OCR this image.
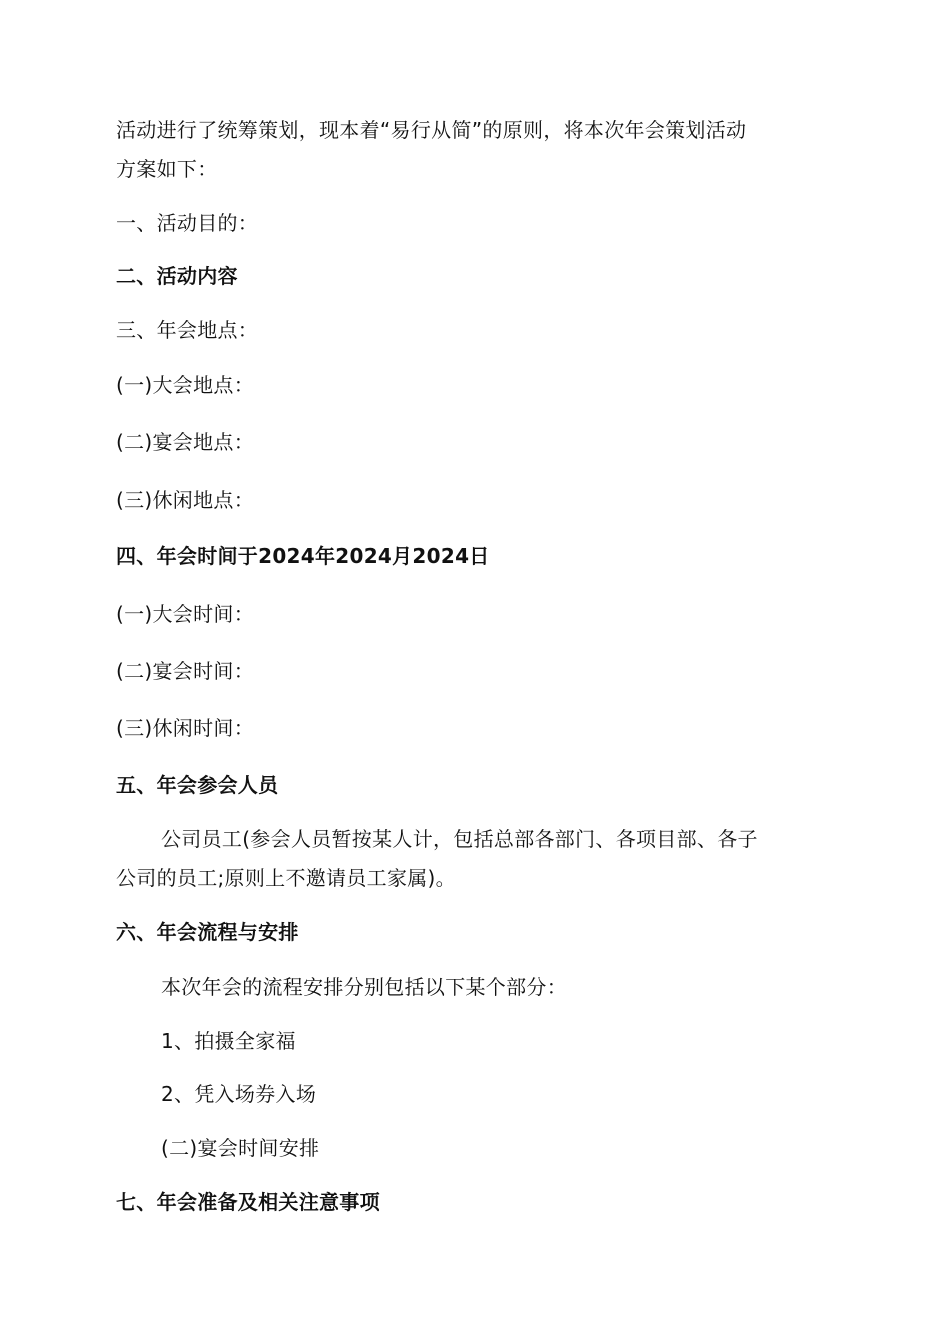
活动进行了统筹策划，现本着“易行从简”的原则，将本次年会策划活动
方案如下：
一、活动目的：
二、活动内容
三、年会地点：
(一)大会地点：
(二)宴会地点：
(三)休闲地点：
四、年会时间于2024年2024月2024日
(一)大会时间：
(二)宴会时间：
(三)休闲时间：
五、年会参会人员
公司员工(参会人员暂按某人计，包括总部各部门、各项目部、各子
公司的员工;原则上不邀请员工家属)。
六、年会流程与安排
本次年会的流程安排分别包括以下某个部分：
1、拍摄全家福
2、凭入场券入场
(二)宴会时间安排
七、年会准备及相关注意事项
